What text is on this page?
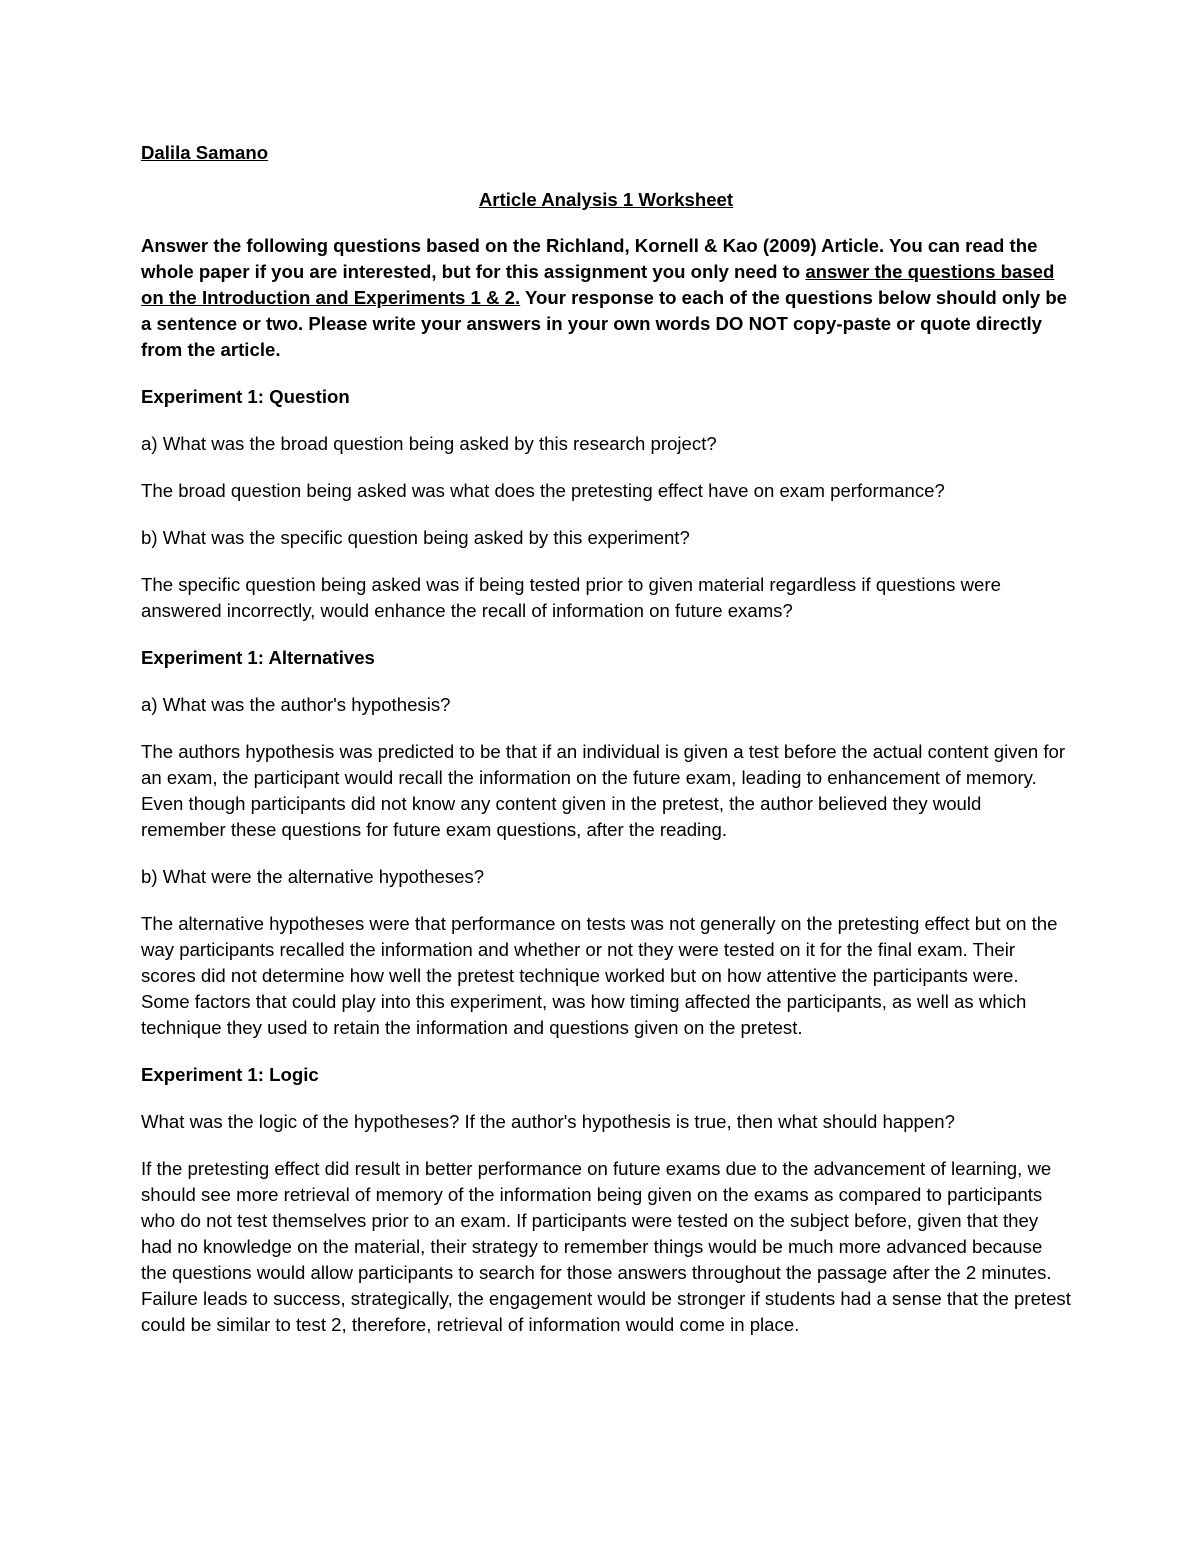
Dalila Samano

Article Analysis 1 Worksheet

Answer the following questions based on the Richland, Kornell & Kao (2009) Article. You can read the whole paper if you are interested, but for this assignment you only need to answer the questions based on the Introduction and Experiments 1 & 2. Your response to each of the questions below should only be a sentence or two. Please write your answers in your own words DO NOT copy-paste or quote directly from the article.

Experiment 1: Question

a) What was the broad question being asked by this research project?

The broad question being asked was what does the pretesting effect have on exam performance?

b) What was the specific question being asked by this experiment?

The specific question being asked was if being tested prior to given material regardless if questions were answered incorrectly, would enhance the recall of information on future exams?

Experiment 1: Alternatives

a) What was the author's hypothesis?

The authors hypothesis was predicted to be that if an individual is given a test before the actual content given for an exam, the participant would recall the information on the future exam, leading to enhancement of memory. Even though participants did not know any content given in the pretest, the author believed they would remember these questions for future exam questions, after the reading.

b) What were the alternative hypotheses?

The alternative hypotheses were that performance on tests was not generally on the pretesting effect but on the way participants recalled the information and whether or not they were tested on it for the final exam. Their scores did not determine how well the pretest technique worked but on how attentive the participants were. Some factors that could play into this experiment, was how timing affected the participants, as well as which technique they used to retain the information and questions given on the pretest.

Experiment 1: Logic

What was the logic of the hypotheses? If the author's hypothesis is true, then what should happen?

If the pretesting effect did result in better performance on future exams due to the advancement of learning, we should see more retrieval of memory of the information being given on the exams as compared to participants who do not test themselves prior to an exam. If participants were tested on the subject before, given that they had no knowledge on the material, their strategy to remember things would be much more advanced because the questions would allow participants to search for those answers throughout the passage after the 2 minutes. Failure leads to success, strategically, the engagement would be stronger if students had a sense that the pretest could be similar to test 2, therefore, retrieval of information would come in place.
